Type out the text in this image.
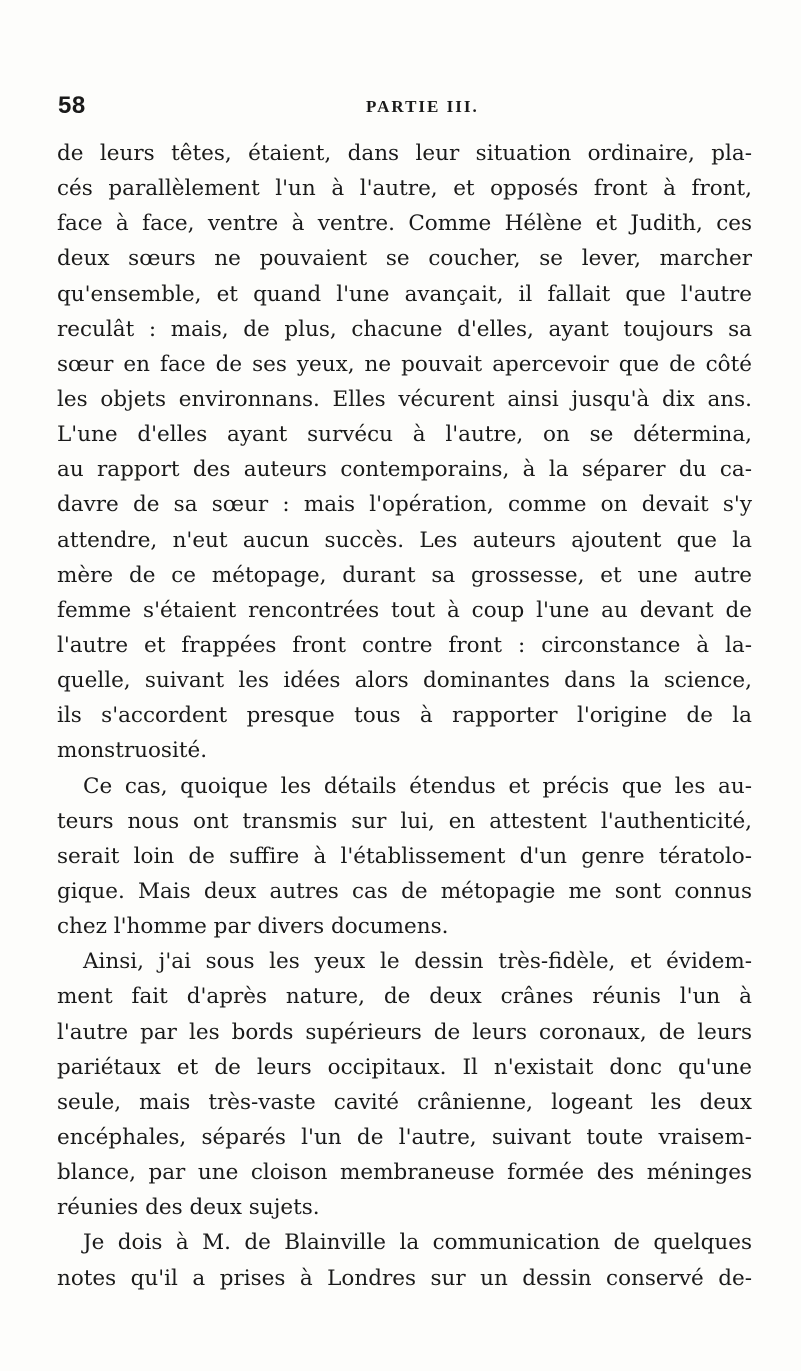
58	PARTIE III.
de leurs têtes, étaient, dans leur situation ordinaire, pla-
cés parallèlement l'un à l'autre, et opposés front à front,
face à face, ventre à ventre. Comme Hélène et Judith, ces
deux sœurs ne pouvaient se coucher, se lever, marcher
qu'ensemble, et quand l'une avançait, il fallait que l'autre
reculât : mais, de plus, chacune d'elles, ayant toujours sa
sœur en face de ses yeux, ne pouvait apercevoir que de côté
les objets environnans. Elles vécurent ainsi jusqu'à dix ans.
L'une d'elles ayant survécu à l'autre, on se détermina,
au rapport des auteurs contemporains, à la séparer du ca-
davre de sa sœur : mais l'opération, comme on devait s'y
attendre, n'eut aucun succès. Les auteurs ajoutent que la
mère de ce métopage, durant sa grossesse, et une autre
femme s'étaient rencontrées tout à coup l'une au devant de
l'autre et frappées front contre front : circonstance à la-
quelle, suivant les idées alors dominantes dans la science,
ils s'accordent presque tous à rapporter l'origine de la
monstruosité.
Ce cas, quoique les détails étendus et précis que les au-
teurs nous ont transmis sur lui, en attestent l'authenticité,
serait loin de suffire à l'établissement d'un genre tératolo-
gique. Mais deux autres cas de métopagie me sont connus
chez l'homme par divers documens.
Ainsi, j'ai sous les yeux le dessin très-fidèle, et évidem-
ment fait d'après nature, de deux crânes réunis l'un à
l'autre par les bords supérieurs de leurs coronaux, de leurs
pariétaux et de leurs occipitaux. Il n'existait donc qu'une
seule, mais très-vaste cavité crânienne, logeant les deux
encéphales, séparés l'un de l'autre, suivant toute vraisem-
blance, par une cloison membraneuse formée des méninges
réunies des deux sujets.
Je dois à M. de Blainville la communication de quelques
notes qu'il a prises à Londres sur un dessin conservé de-
